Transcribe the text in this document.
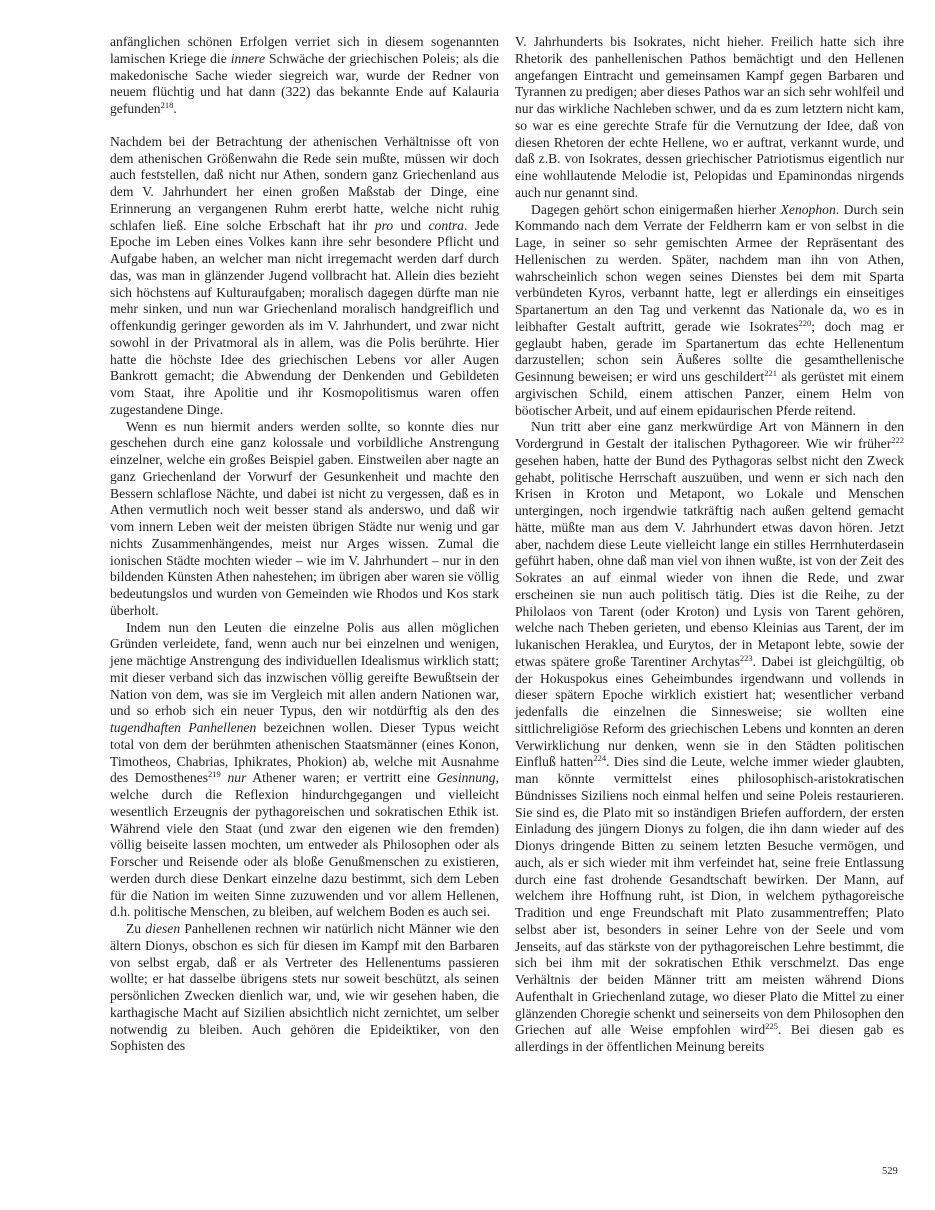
anfänglichen schönen Erfolgen verriet sich in diesem sogenannten lamischen Kriege die innere Schwäche der griechischen Poleis; als die makedonische Sache wieder siegreich war, wurde der Redner von neuem flüchtig und hat dann (322) das bekannte Ende auf Kalauria gefunden$^{218}$.

Nachdem bei der Betrachtung der athenischen Verhältnisse oft von dem athenischen Größenwahn die Rede sein mußte, müssen wir doch auch feststellen, daß nicht nur Athen, sondern ganz Griechenland aus dem V. Jahrhundert her einen großen Maßstab der Dinge, eine Erinnerung an vergangenen Ruhm ererbt hatte, welche nicht ruhig schlafen ließ. Eine solche Erbschaft hat ihr pro und contra. Jede Epoche im Leben eines Volkes kann ihre sehr besondere Pflicht und Aufgabe haben, an welcher man nicht irregemacht werden darf durch das, was man in glänzender Jugend vollbracht hat. Allein dies bezieht sich höchstens auf Kulturaufgaben; moralisch dagegen dürfte man nie mehr sinken, und nun war Griechenland moralisch handgreiflich und offenkundig geringer geworden als im V. Jahrhundert, und zwar nicht sowohl in der Privatmoral als in allem, was die Polis berührte. Hier hatte die höchste Idee des griechischen Lebens vor aller Augen Bankrott gemacht; die Abwendung der Denkenden und Gebildeten vom Staat, ihre Apolitie und ihr Kosmopolitismus waren offen zugestandene Dinge.

Wenn es nun hiermit anders werden sollte, so konnte dies nur geschehen durch eine ganz kolossale und vorbildliche Anstrengung einzelner, welche ein großes Beispiel gaben. Einstweilen aber nagte an ganz Griechenland der Vorwurf der Gesunkenheit und machte den Bessern schlaflose Nächte, und dabei ist nicht zu vergessen, daß es in Athen vermutlich noch weit besser stand als anderswo, und daß wir vom innern Leben weit der meisten übrigen Städte nur wenig und gar nichts Zusammenhängendes, meist nur Arges wissen. Zumal die ionischen Städte mochten wieder – wie im V. Jahrhundert – nur in den bildenden Künsten Athen nahestehen; im übrigen aber waren sie völlig bedeutungslos und wurden von Gemeinden wie Rhodos und Kos stark überholt.

Indem nun den Leuten die einzelne Polis aus allen möglichen Gründen verleidete, fand, wenn auch nur bei einzelnen und wenigen, jene mächtige Anstrengung des individuellen Idealismus wirklich statt; mit dieser verband sich das inzwischen völlig gereifte Bewußtsein der Nation von dem, was sie im Vergleich mit allen andern Nationen war, und so erhob sich ein neuer Typus, den wir notdürftig als den des tugendhaften Panhellenen bezeichnen wollen. Dieser Typus weicht total von dem der berühmten athenischen Staatsmänner (eines Konon, Timotheos, Chabrias, Iphikrates, Phokion) ab, welche mit Ausnahme des Demosthenes$^{219}$ nur Athener waren; er vertritt eine Gesinnung, welche durch die Reflexion hindurchgegangen und vielleicht wesentlich Erzeugnis der pythagoreischen und sokratischen Ethik ist. Während viele den Staat (und zwar den eigenen wie den fremden) völlig beiseite lassen mochten, um entweder als Philosophen oder als Forscher und Reisende oder als bloße Genußmenschen zu existieren, werden durch diese Denkart einzelne dazu bestimmt, sich dem Leben für die Nation im weiten Sinne zuzuwenden und vor allem Hellenen, d.h. politische Menschen, zu bleiben, auf welchem Boden es auch sei.

Zu diesen Panhellenen rechnen wir natürlich nicht Männer wie den ältern Dionys, obschon es sich für diesen im Kampf mit den Barbaren von selbst ergab, daß er als Vertreter des Hellenentums passieren wollte; er hat dasselbe übrigens stets nur soweit beschützt, als seinen persönlichen Zwecken dienlich war, und, wie wir gesehen haben, die karthagische Macht auf Sizilien absichtlich nicht zernichtet, um selber notwendig zu bleiben. Auch gehören die Epideiktiker, von den Sophisten des

V. Jahrhunderts bis Isokrates, nicht hieher. Freilich hatte sich ihre Rhetorik des panhellenischen Pathos bemächtigt und den Hellenen angefangen Eintracht und gemeinsamen Kampf gegen Barbaren und Tyrannen zu predigen; aber dieses Pathos war an sich sehr wohlfeil und nur das wirkliche Nachleben schwer, und da es zum letztern nicht kam, so war es eine gerechte Strafe für die Vernutzung der Idee, daß von diesen Rhetoren der echte Hellene, wo er auftrat, verkannt wurde, und daß z.B. von Isokrates, dessen griechischer Patriotismus eigentlich nur eine wohllautende Melodie ist, Pelopidas und Epaminondas nirgends auch nur genannt sind.

Dagegen gehört schon einigermaßen hierher Xenophon. Durch sein Kommando nach dem Verrate der Feldherrn kam er von selbst in die Lage, in seiner so sehr gemischten Armee der Repräsentant des Hellenischen zu werden. Später, nachdem man ihn von Athen, wahrscheinlich schon wegen seines Dienstes bei dem mit Sparta verbündeten Kyros, verbannt hatte, legt er allerdings ein einseitiges Spartanertum an den Tag und verkennt das Nationale da, wo es in leibhafter Gestalt auftritt, gerade wie Isokrates$^{220}$; doch mag er geglaubt haben, gerade im Spartanertum das echte Hellenentum darzustellen; schon sein Äußeres sollte die gesamthellenische Gesinnung beweisen; er wird uns geschildert$^{221}$ als gerüstet mit einem argivischen Schild, einem attischen Panzer, einem Helm von böotischer Arbeit, und auf einem epidaurischen Pferde reitend.

Nun tritt aber eine ganz merkwürdige Art von Männern in den Vordergrund in Gestalt der italischen Pythagoreer. Wie wir früher$^{222}$ gesehen haben, hatte der Bund des Pythagoras selbst nicht den Zweck gehabt, politische Herrschaft auszuüben, und wenn er sich nach den Krisen in Kroton und Metapont, wo Lokale und Menschen untergingen, noch irgendwie tatkräftig nach außen geltend gemacht hätte, müßte man aus dem V. Jahrhundert etwas davon hören. Jetzt aber, nachdem diese Leute vielleicht lange ein stilles Herrnhuterdasein geführt haben, ohne daß man viel von ihnen wußte, ist von der Zeit des Sokrates an auf einmal wieder von ihnen die Rede, und zwar erscheinen sie nun auch politisch tätig. Dies ist die Reihe, zu der Philolaos von Tarent (oder Kroton) und Lysis von Tarent gehören, welche nach Theben gerieten, und ebenso Kleinias aus Tarent, der im lukanischen Heraklea, und Eurytos, der in Metapont lebte, sowie der etwas spätere große Tarentiner Archytas$^{223}$. Dabei ist gleichgültig, ob der Hokuspokus eines Geheimbundes irgendwann und vollends in dieser spätern Epoche wirklich existiert hat; wesentlicher verband jedenfalls die einzelnen die Sinnesweise; sie wollten eine sittlichreligiöse Reform des griechischen Lebens und konnten an deren Verwirklichung nur denken, wenn sie in den Städten politischen Einfluß hatten$^{224}$. Dies sind die Leute, welche immer wieder glaubten, man könnte vermittelst eines philosophisch-aristokratischen Bündnisses Siziliens noch einmal helfen und seine Poleis restaurieren. Sie sind es, die Plato mit so inständigen Briefen auffordern, der ersten Einladung des jüngern Dionys zu folgen, die ihn dann wieder auf des Dionys dringende Bitten zu seinem letzten Besuche vermögen, und auch, als er sich wieder mit ihm verfeindet hat, seine freie Entlassung durch eine fast drohende Gesandtschaft bewirken. Der Mann, auf welchem ihre Hoffnung ruht, ist Dion, in welchem pythagoreische Tradition und enge Freundschaft mit Plato zusammentreffen; Plato selbst aber ist, besonders in seiner Lehre von der Seele und vom Jenseits, auf das stärkste von der pythagoreischen Lehre bestimmt, die sich bei ihm mit der sokratischen Ethik verschmelzt. Das enge Verhältnis der beiden Männer tritt am meisten während Dions Aufenthalt in Griechenland zutage, wo dieser Plato die Mittel zu einer glänzenden Choregie schenkt und seinerseits von dem Philosophen den Griechen auf alle Weise empfohlen wird$^{225}$. Bei diesen gab es allerdings in der öffentlichen Meinung bereits

529
